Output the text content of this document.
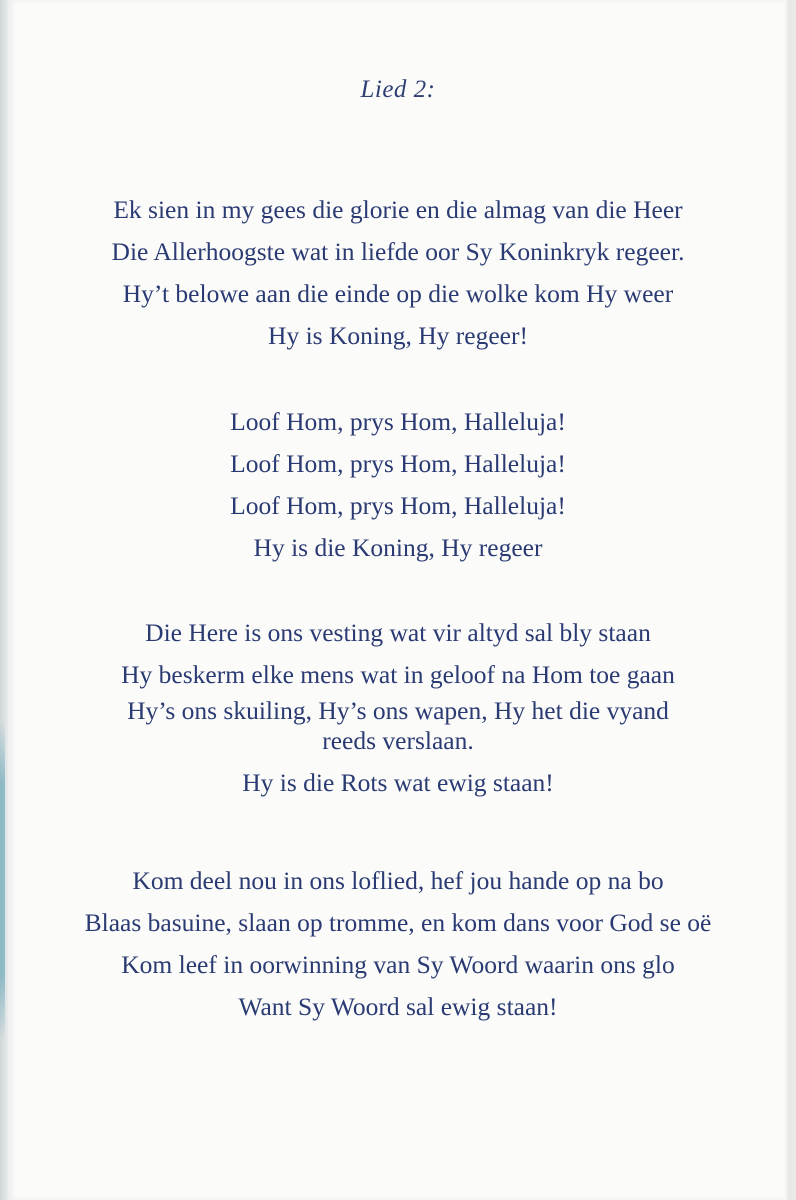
Lied 2:
Ek sien in my gees die glorie en die almag van die Heer
Die Allerhoogste wat in liefde oor Sy Koninkryk regeer.
Hy’t belowe aan die einde op die wolke kom Hy weer
Hy is Koning, Hy regeer!
Loof Hom, prys Hom, Halleluja!
Loof Hom, prys Hom, Halleluja!
Loof Hom, prys Hom, Halleluja!
Hy is die Koning, Hy regeer
Die Here is ons vesting wat vir altyd sal bly staan
Hy beskerm elke mens wat in geloof na Hom toe gaan
Hy’s ons skuiling, Hy’s ons wapen, Hy het die vyand
reeds verslaan.
Hy is die Rots wat ewig staan!
Kom deel nou in ons loflied, hef jou hande op na bo
Blaas basuine, slaan op tromme, en kom dans voor God se oë
Kom leef in oorwinning van Sy Woord waarin ons glo
Want Sy Woord sal ewig staan!
